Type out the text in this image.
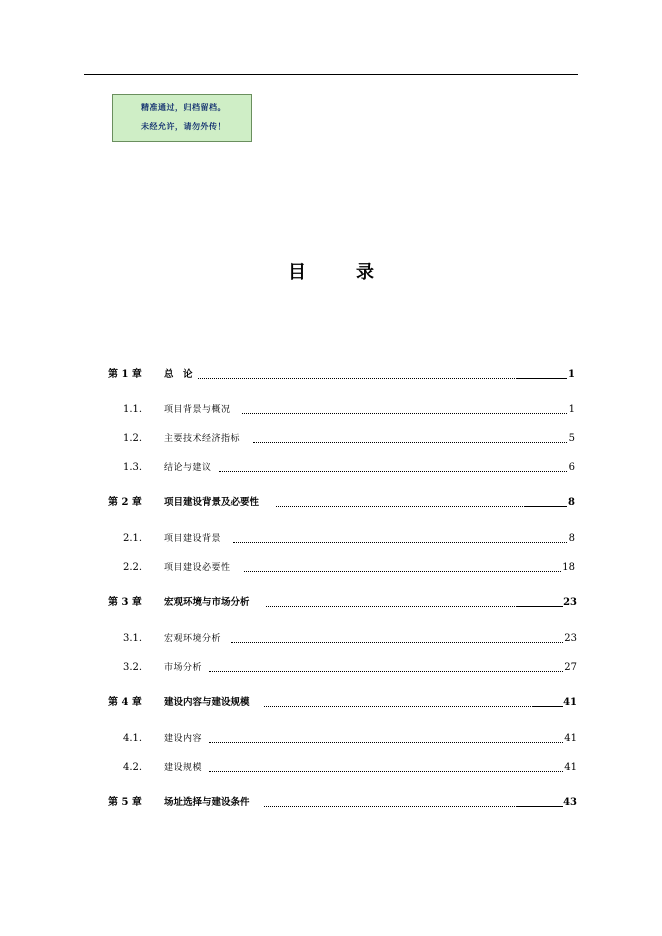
精准通过，归档留档。
未经允许，请勿外传！
目录
第 1 章 总　论	1
1.1. 项目背景与概况	1
1.2. 主要技术经济指标	5
1.3. 结论与建议	6
第 2 章 项目建设背景及必要性	8
2.1. 项目建设背景	8
2.2. 项目建设必要性	18
第 3 章 宏观环境与市场分析	23
3.1. 宏观环境分析	23
3.2. 市场分析	27
第 4 章 建设内容与建设规模	41
4.1. 建设内容	41
4.2. 建设规模	41
第 5 章 场址选择与建设条件	43
